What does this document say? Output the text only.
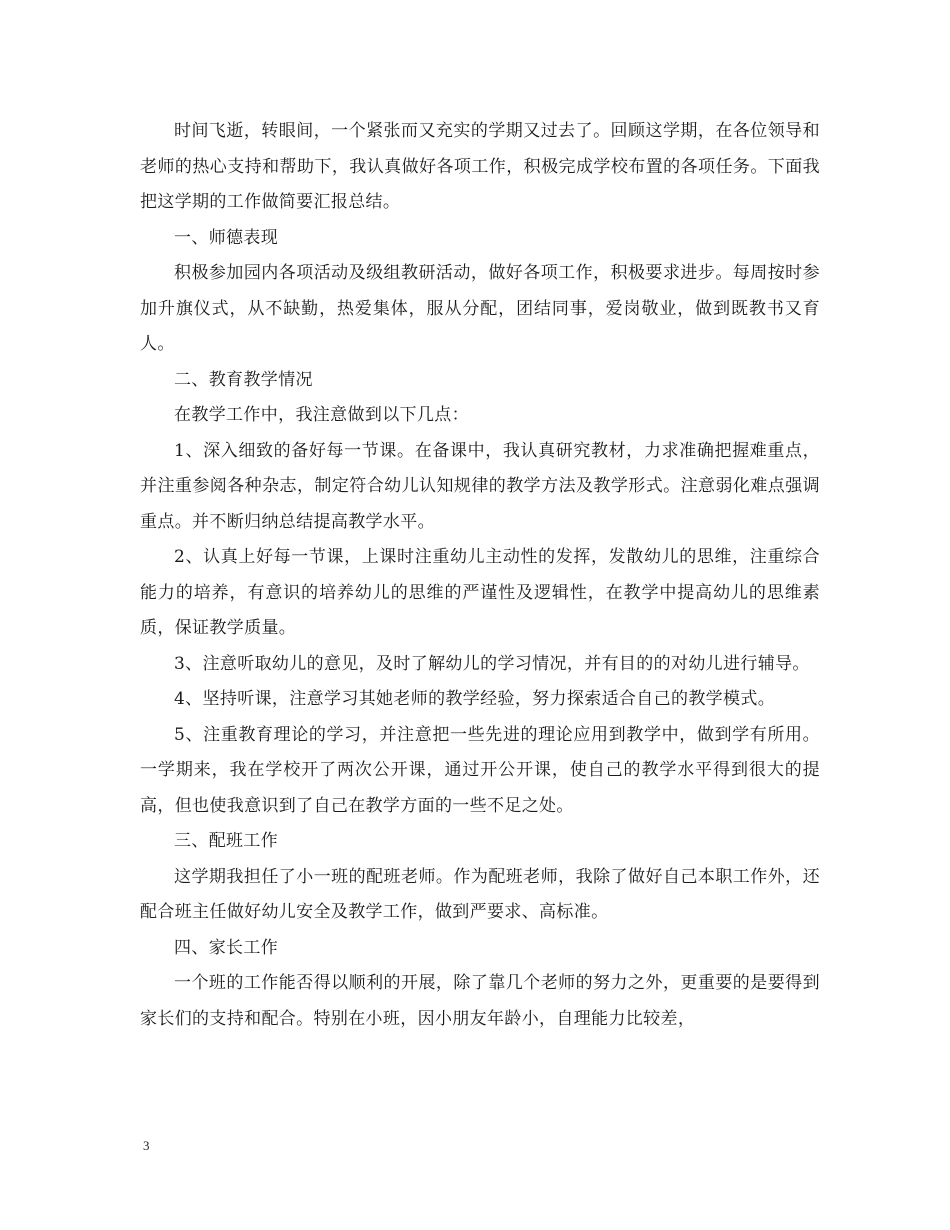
时间飞逝，转眼间，一个紧张而又充实的学期又过去了。回顾这学期，在各位领导和老师的热心支持和帮助下，我认真做好各项工作，积极完成学校布置的各项任务。下面我把这学期的工作做简要汇报总结。

一、师德表现

积极参加园内各项活动及级组教研活动，做好各项工作，积极要求进步。每周按时参加升旗仪式，从不缺勤，热爱集体，服从分配，团结同事，爱岗敬业，做到既教书又育人。

二、教育教学情况

在教学工作中，我注意做到以下几点：

1、深入细致的备好每一节课。在备课中，我认真研究教材，力求准确把握难重点，并注重参阅各种杂志，制定符合幼儿认知规律的教学方法及教学形式。注意弱化难点强调重点。并不断归纳总结提高教学水平。

2、认真上好每一节课，上课时注重幼儿主动性的发挥，发散幼儿的思维，注重综合能力的培养，有意识的培养幼儿的思维的严谨性及逻辑性，在教学中提高幼儿的思维素质，保证教学质量。

3、注意听取幼儿的意见，及时了解幼儿的学习情况，并有目的的对幼儿进行辅导。

4、坚持听课，注意学习其她老师的教学经验，努力探索适合自己的教学模式。

5、注重教育理论的学习，并注意把一些先进的理论应用到教学中，做到学有所用。一学期来，我在学校开了两次公开课，通过开公开课，使自己的教学水平得到很大的提高，但也使我意识到了自己在教学方面的一些不足之处。

三、配班工作

这学期我担任了小一班的配班老师。作为配班老师，我除了做好自己本职工作外，还配合班主任做好幼儿安全及教学工作，做到严要求、高标准。

四、家长工作

一个班的工作能否得以顺利的开展，除了靠几个老师的努力之外，更重要的是要得到家长们的支持和配合。特别在小班，因小朋友年龄小，自理能力比较差，

3
